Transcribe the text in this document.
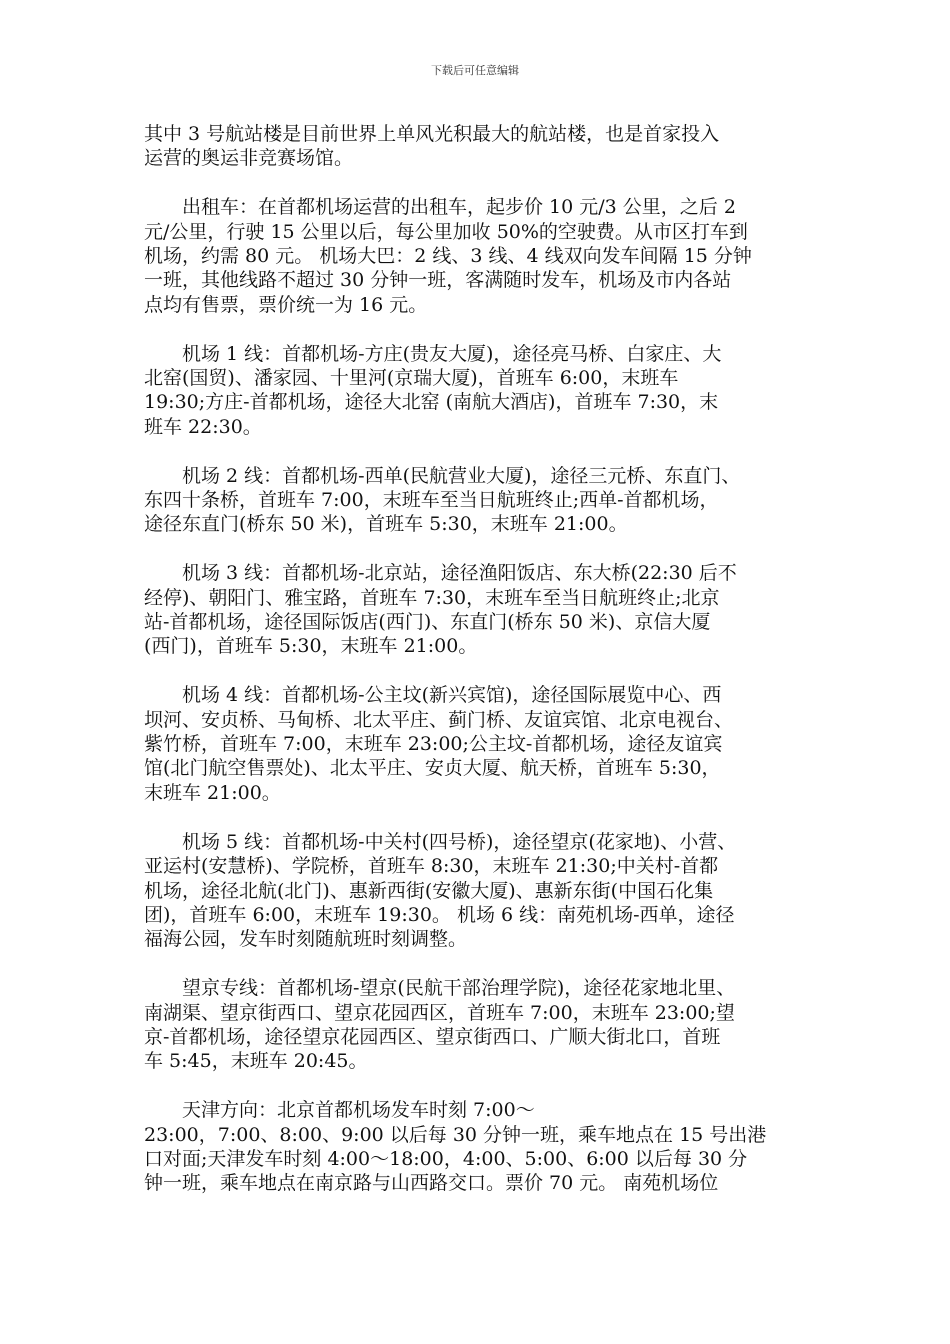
下载后可任意编辑
其中 3 号航站楼是目前世界上单风光积最大的航站楼，也是首家投入
运营的奥运非竞赛场馆。
　　出租车：在首都机场运营的出租车，起步价 10 元/3 公里，之后 2
元/公里，行驶 15 公里以后，每公里加收 50%的空驶费。从市区打车到
机场，约需 80 元。 机场大巴：2 线、3 线、4 线双向发车间隔 15 分钟
一班，其他线路不超过 30 分钟一班，客满随时发车，机场及市内各站
点均有售票，票价统一为 16 元。
　　机场 1 线：首都机场-方庄(贵友大厦)，途径亮马桥、白家庄、大
北窑(国贸)、潘家园、十里河(京瑞大厦)，首班车 6:00，末班车
19:30;方庄-首都机场，途径大北窑 (南航大酒店)，首班车 7:30，末
班车 22:30。
　　机场 2 线：首都机场-西单(民航营业大厦)，途径三元桥、东直门、
东四十条桥，首班车 7:00，末班车至当日航班终止;西单-首都机场，
途径东直门(桥东 50 米)，首班车 5:30，末班车 21:00。
　　机场 3 线：首都机场-北京站，途径渔阳饭店、东大桥(22:30 后不
经停)、朝阳门、雅宝路，首班车 7:30，末班车至当日航班终止;北京
站-首都机场，途径国际饭店(西门)、东直门(桥东 50 米)、京信大厦
(西门)，首班车 5:30，末班车 21:00。
　　机场 4 线：首都机场-公主坟(新兴宾馆)，途径国际展览中心、西
坝河、安贞桥、马甸桥、北太平庄、蓟门桥、友谊宾馆、北京电视台、
紫竹桥，首班车 7:00，末班车 23:00;公主坟-首都机场，途径友谊宾
馆(北门航空售票处)、北太平庄、安贞大厦、航天桥，首班车 5:30，
末班车 21:00。
　　机场 5 线：首都机场-中关村(四号桥)，途径望京(花家地)、小营、
亚运村(安慧桥)、学院桥，首班车 8:30，末班车 21:30;中关村-首都
机场，途径北航(北门)、惠新西街(安徽大厦)、惠新东街(中国石化集
团)，首班车 6:00，末班车 19:30。 机场 6 线：南苑机场-西单，途径
福海公园，发车时刻随航班时刻调整。
　　望京专线：首都机场-望京(民航干部治理学院)，途径花家地北里、
南湖渠、望京街西口、望京花园西区，首班车 7:00，末班车 23:00;望
京-首都机场，途径望京花园西区、望京街西口、广顺大街北口，首班
车 5:45，末班车 20:45。
　　天津方向：北京首都机场发车时刻 7:00～
23:00，7:00、8:00、9:00 以后每 30 分钟一班，乘车地点在 15 号出港
口对面;天津发车时刻 4:00～18:00，4:00、5:00、6:00 以后每 30 分
钟一班，乘车地点在南京路与山西路交口。票价 70 元。 南苑机场位
